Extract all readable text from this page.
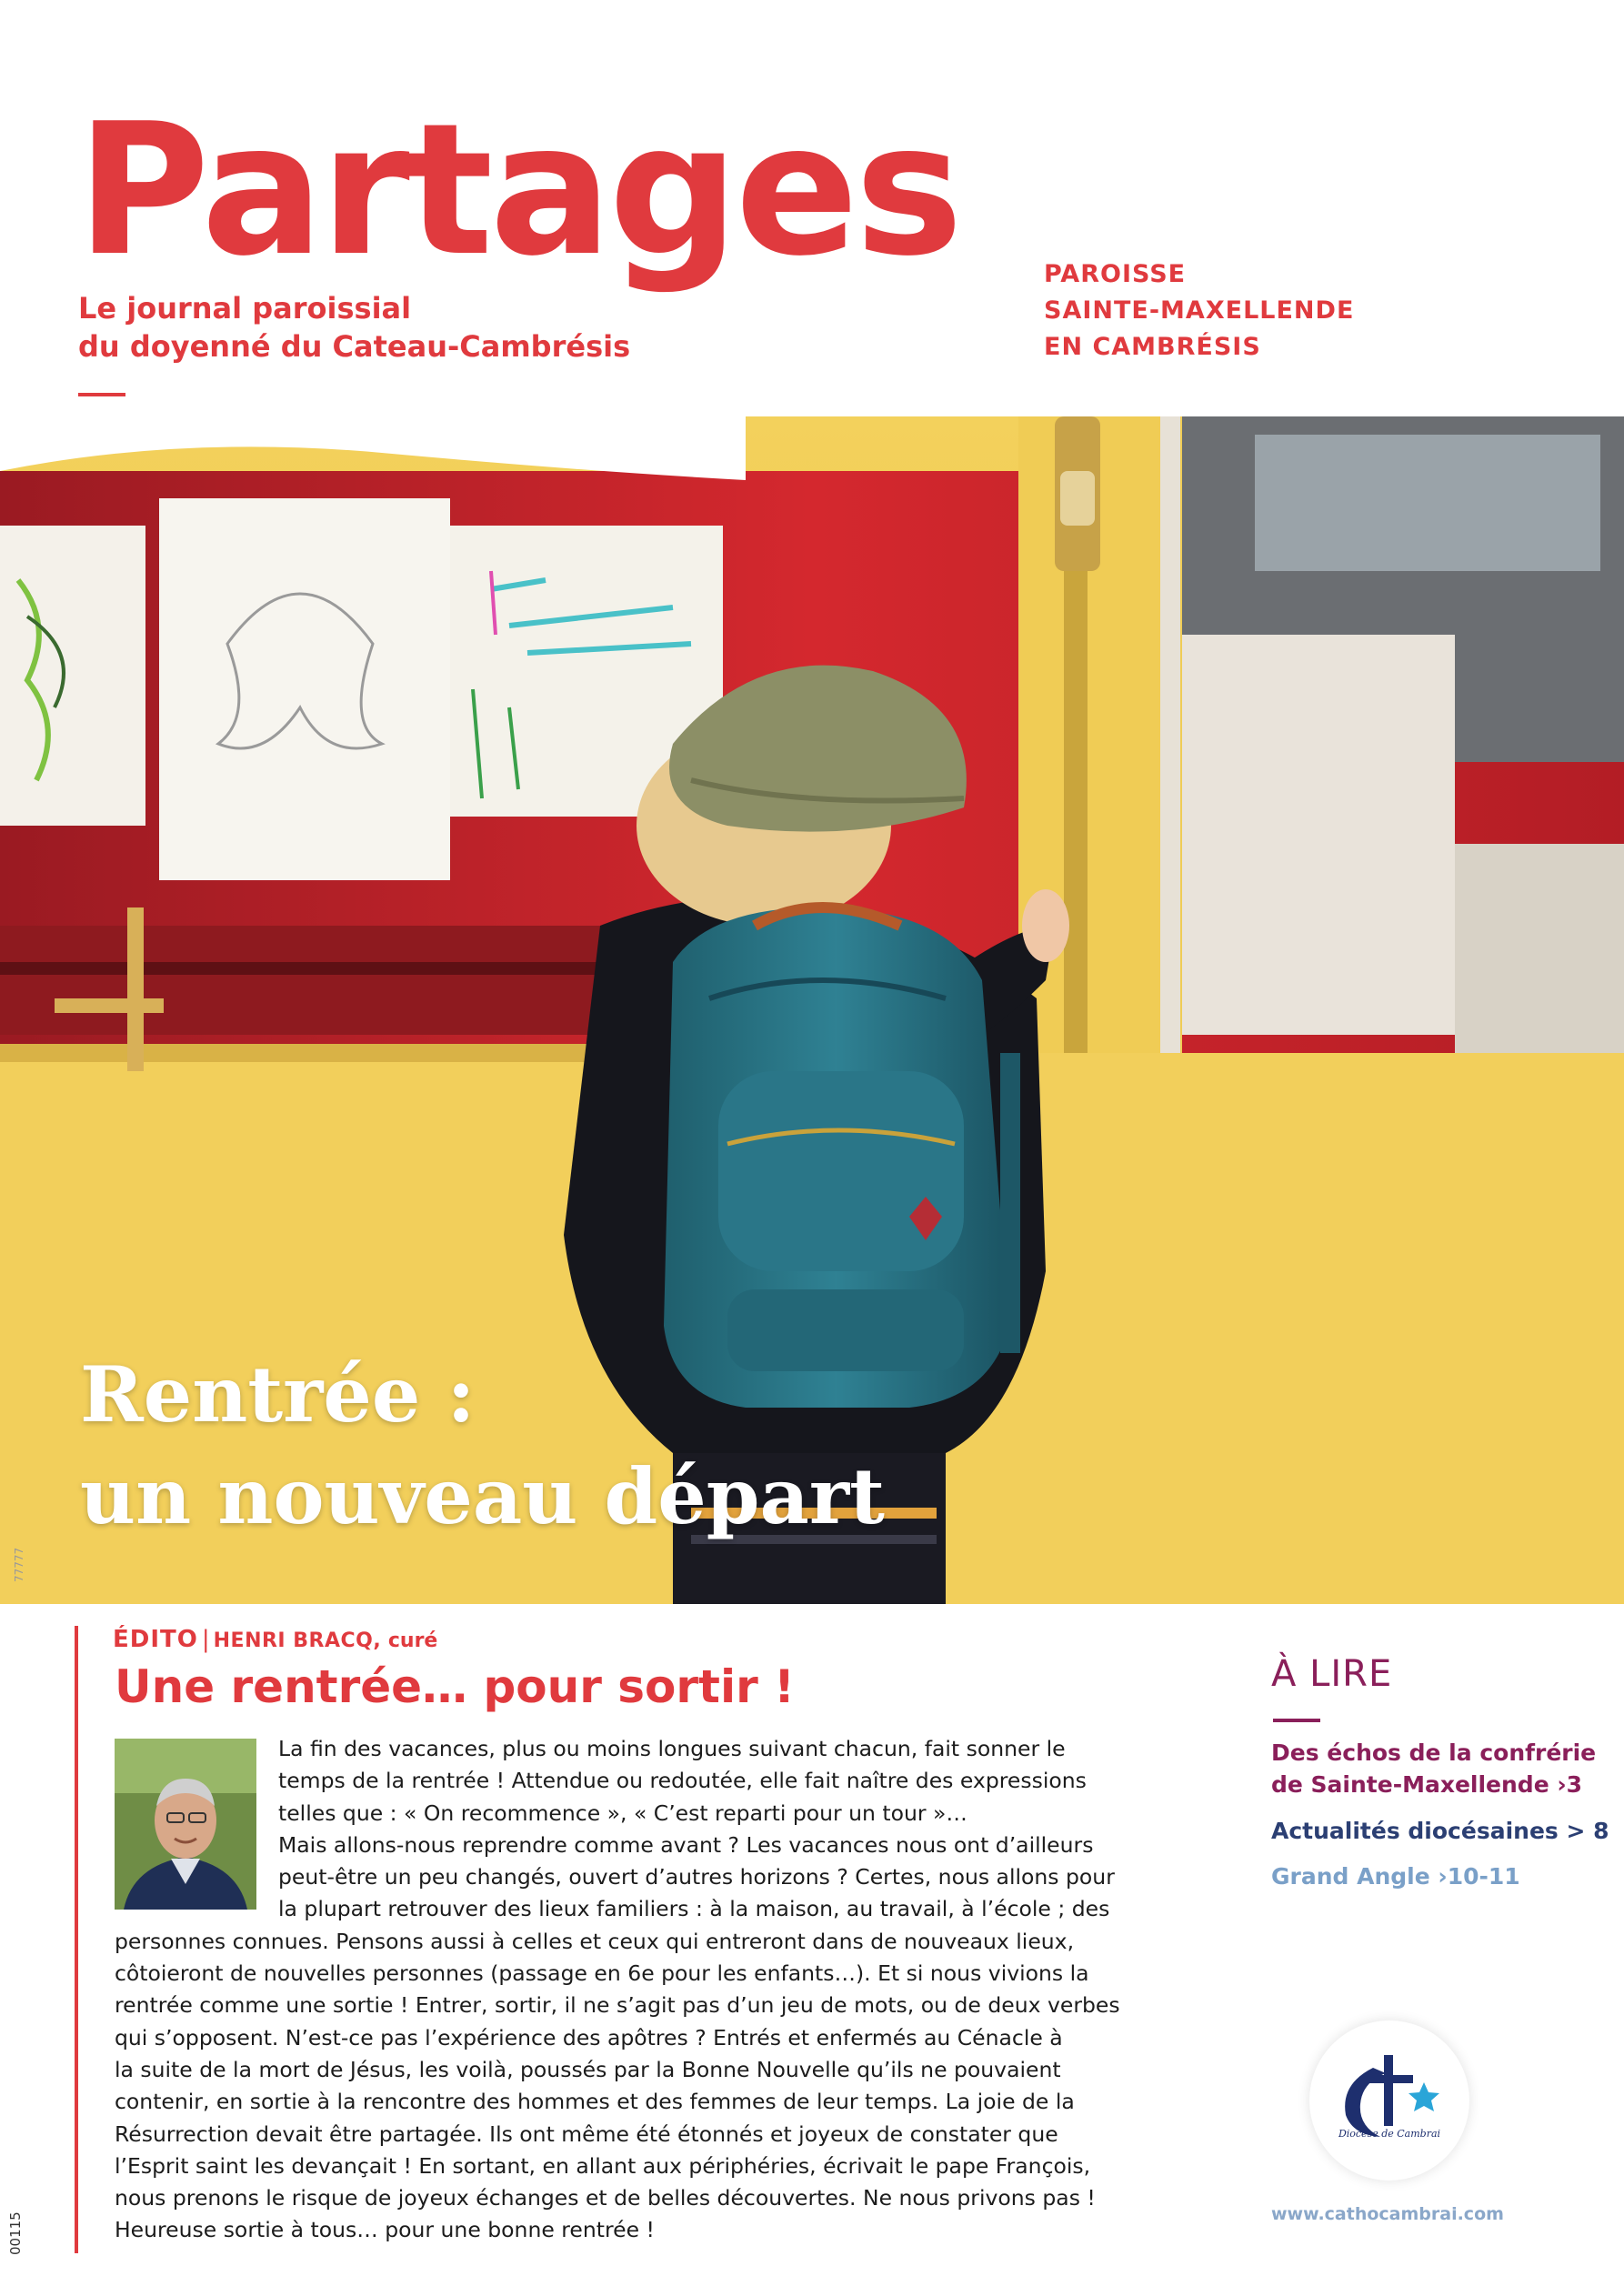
Partages
Le journal paroissial
du doyenné du Cateau-Cambrésis
PAROISSE
SAINTE-MAXELLENDE
EN CAMBRÉSIS
Rentrée :
un nouveau départ
ÉDITO | HENRI BRACQ, curé
Une rentrée… pour sortir !
La fin des vacances, plus ou moins longues suivant chacun, fait sonner le
temps de la rentrée ! Attendue ou redoutée, elle fait naître des expressions
telles que : « On recommence », « C’est reparti pour un tour »…
Mais allons-nous reprendre comme avant ? Les vacances nous ont d’ailleurs
peut-être un peu changés, ouvert d’autres horizons ? Certes, nous allons pour
la plupart retrouver des lieux familiers : à la maison, au travail, à l’école ; des
personnes connues. Pensons aussi à celles et ceux qui entreront dans de nouveaux lieux,
côtoieront de nouvelles personnes (passage en 6e pour les enfants…). Et si nous vivions la
rentrée comme une sortie ! Entrer, sortir, il ne s’agit pas d’un jeu de mots, ou de deux verbes
qui s’opposent. N’est-ce pas l’expérience des apôtres ? Entrés et enfermés au Cénacle à
la suite de la mort de Jésus, les voilà, poussés par la Bonne Nouvelle qu’ils ne pouvaient
contenir, en sortie à la rencontre des hommes et des femmes de leur temps. La joie de la
Résurrection devait être partagée. Ils ont même été étonnés et joyeux de constater que
l’Esprit saint les devançait ! En sortant, en allant aux périphéries, écrivait le pape François,
nous prenons le risque de joyeux échanges et de belles découvertes. Ne nous privons pas !
Heureuse sortie à tous… pour une bonne rentrée !
À LIRE
Des échos de la confrérie
de Sainte-Maxellende ›3
Actualités diocésaines > 8
Grand Angle ›10-11
Diocèse de Cambrai
www.cathocambrai.com
77777
00115
